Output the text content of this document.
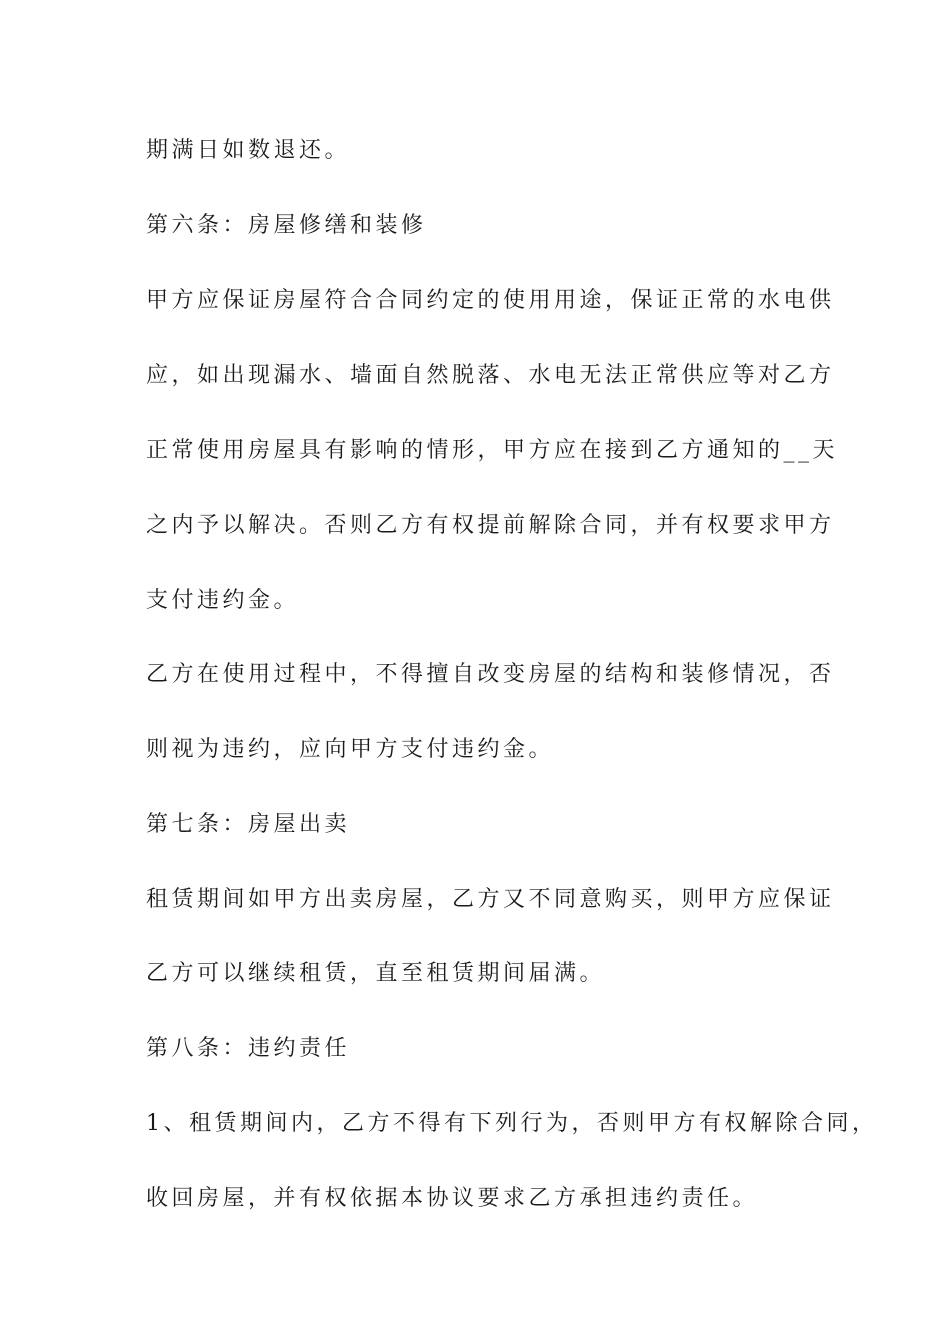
期满日如数退还。

第六条：房屋修缮和装修

甲方应保证房屋符合合同约定的使用用途，保证正常的水电供

应，如出现漏水、墙面自然脱落、水电无法正常供应等对乙方

正常使用房屋具有影响的情形，甲方应在接到乙方通知的__天

之内予以解决。否则乙方有权提前解除合同，并有权要求甲方

支付违约金。

乙方在使用过程中，不得擅自改变房屋的结构和装修情况，否

则视为违约，应向甲方支付违约金。

第七条：房屋出卖

租赁期间如甲方出卖房屋，乙方又不同意购买，则甲方应保证

乙方可以继续租赁，直至租赁期间届满。

第八条：违约责任

1、租赁期间内，乙方不得有下列行为，否则甲方有权解除合同，

收回房屋，并有权依据本协议要求乙方承担违约责任。
